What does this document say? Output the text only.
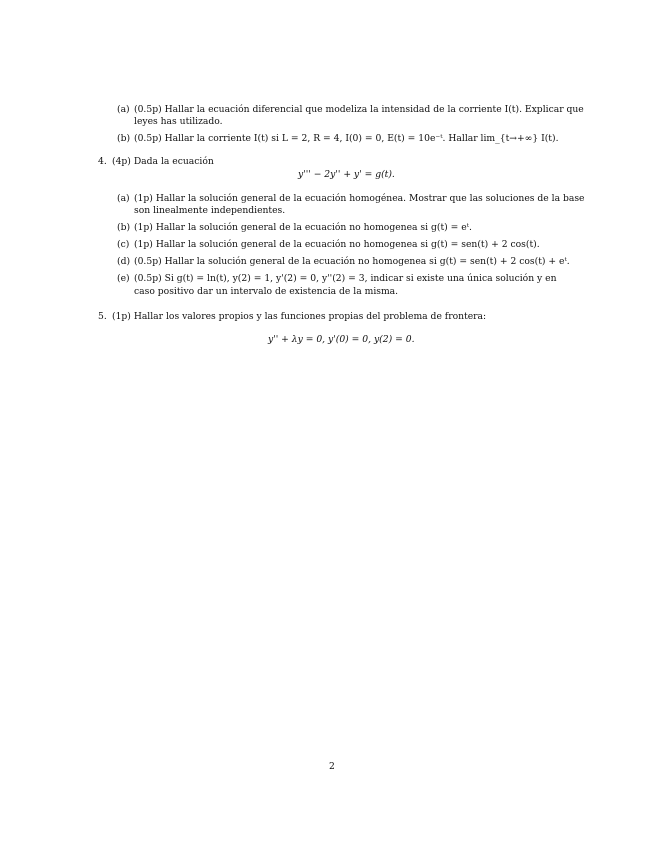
(a) (0.5p) Hallar la ecuación diferencial que modeliza la intensidad de la corriente I(t). Explicar que
leyes has utilizado.
(b) (0.5p) Hallar la corriente I(t) si L = 2, R = 4, I(0) = 0, E(t) = 10e⁻ᵗ. Hallar lim_{t→+∞} I(t).
4. (4p) Dada la ecuación
y''' − 2y'' + y' = g(t).
(a) (1p) Hallar la solución general de la ecuación homogénea. Mostrar que las soluciones de la base
son linealmente independientes.
(b) (1p) Hallar la solución general de la ecuación no homogenea si g(t) = eᵗ.
(c) (1p) Hallar la solución general de la ecuación no homogenea si g(t) = sen(t) + 2 cos(t).
(d) (0.5p) Hallar la solución general de la ecuación no homogenea si g(t) = sen(t) + 2 cos(t) + eᵗ.
(e) (0.5p) Si g(t) = ln(t), y(2) = 1, y'(2) = 0, y''(2) = 3, indicar si existe una única solución y en
caso positivo dar un intervalo de existencia de la misma.
5. (1p) Hallar los valores propios y las funciones propias del problema de frontera:
y'' + λy = 0, y'(0) = 0, y(2) = 0.
2
